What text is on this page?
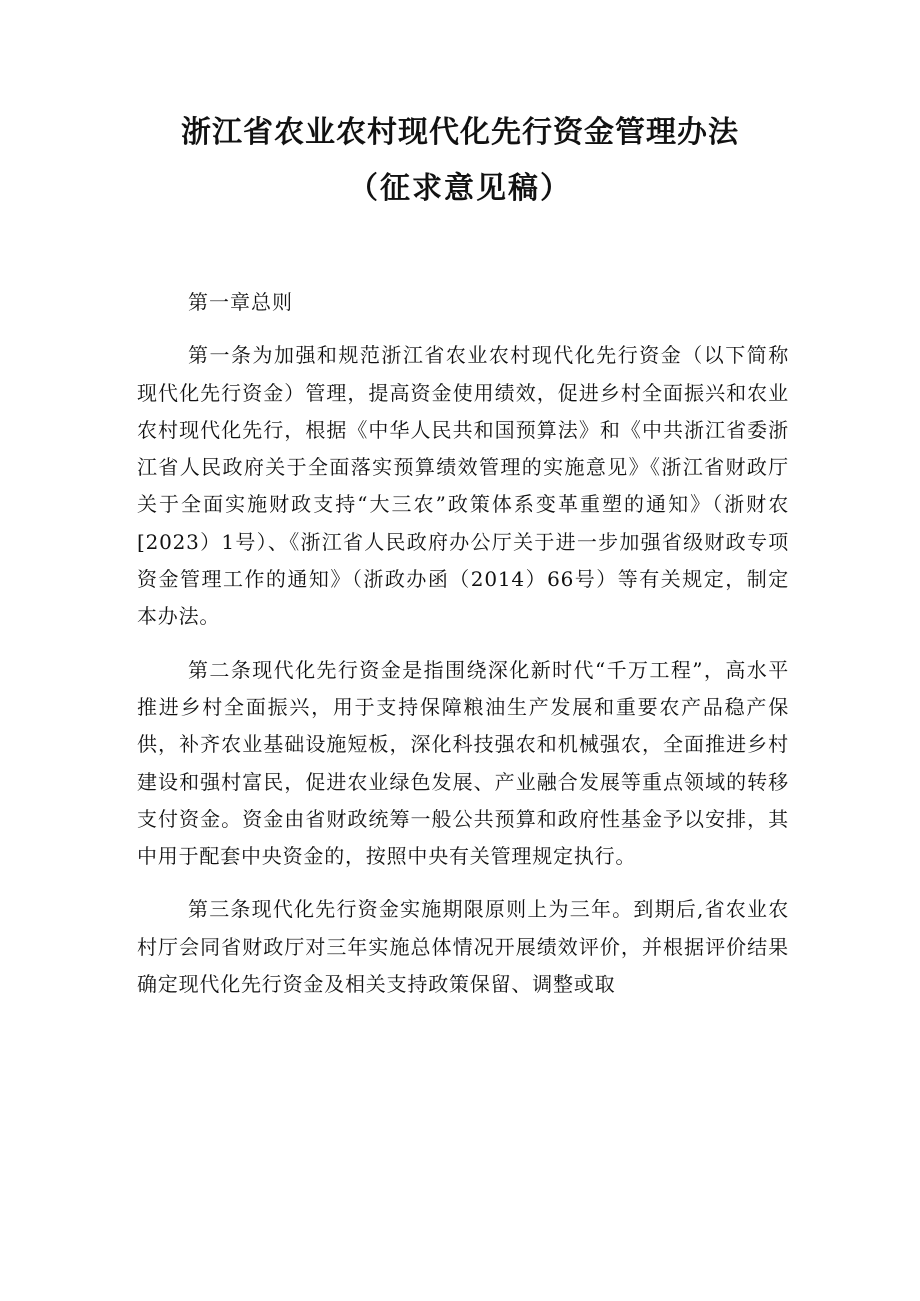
浙江省农业农村现代化先行资金管理办法
（征求意见稿）

第一章总则

第一条为加强和规范浙江省农业农村现代化先行资金（以下简称现代化先行资金）管理，提高资金使用绩效，促进乡村全面振兴和农业农村现代化先行，根据《中华人民共和国预算法》和《中共浙江省委浙江省人民政府关于全面落实预算绩效管理的实施意见》《浙江省财政厅关于全面实施财政支持“大三农”政策体系变革重塑的通知》（浙财农[2023）1号）、《浙江省人民政府办公厅关于进一步加强省级财政专项资金管理工作的通知》（浙政办函（2014）66号）等有关规定，制定本办法。

第二条现代化先行资金是指围绕深化新时代“千万工程”，高水平推进乡村全面振兴，用于支持保障粮油生产发展和重要农产品稳产保供，补齐农业基础设施短板，深化科技强农和机械强农，全面推进乡村建设和强村富民，促进农业绿色发展、产业融合发展等重点领域的转移支付资金。资金由省财政统筹一般公共预算和政府性基金予以安排，其中用于配套中央资金的，按照中央有关管理规定执行。

第三条现代化先行资金实施期限原则上为三年。到期后,省农业农村厅会同省财政厅对三年实施总体情况开展绩效评价，并根据评价结果确定现代化先行资金及相关支持政策保留、调整或取
